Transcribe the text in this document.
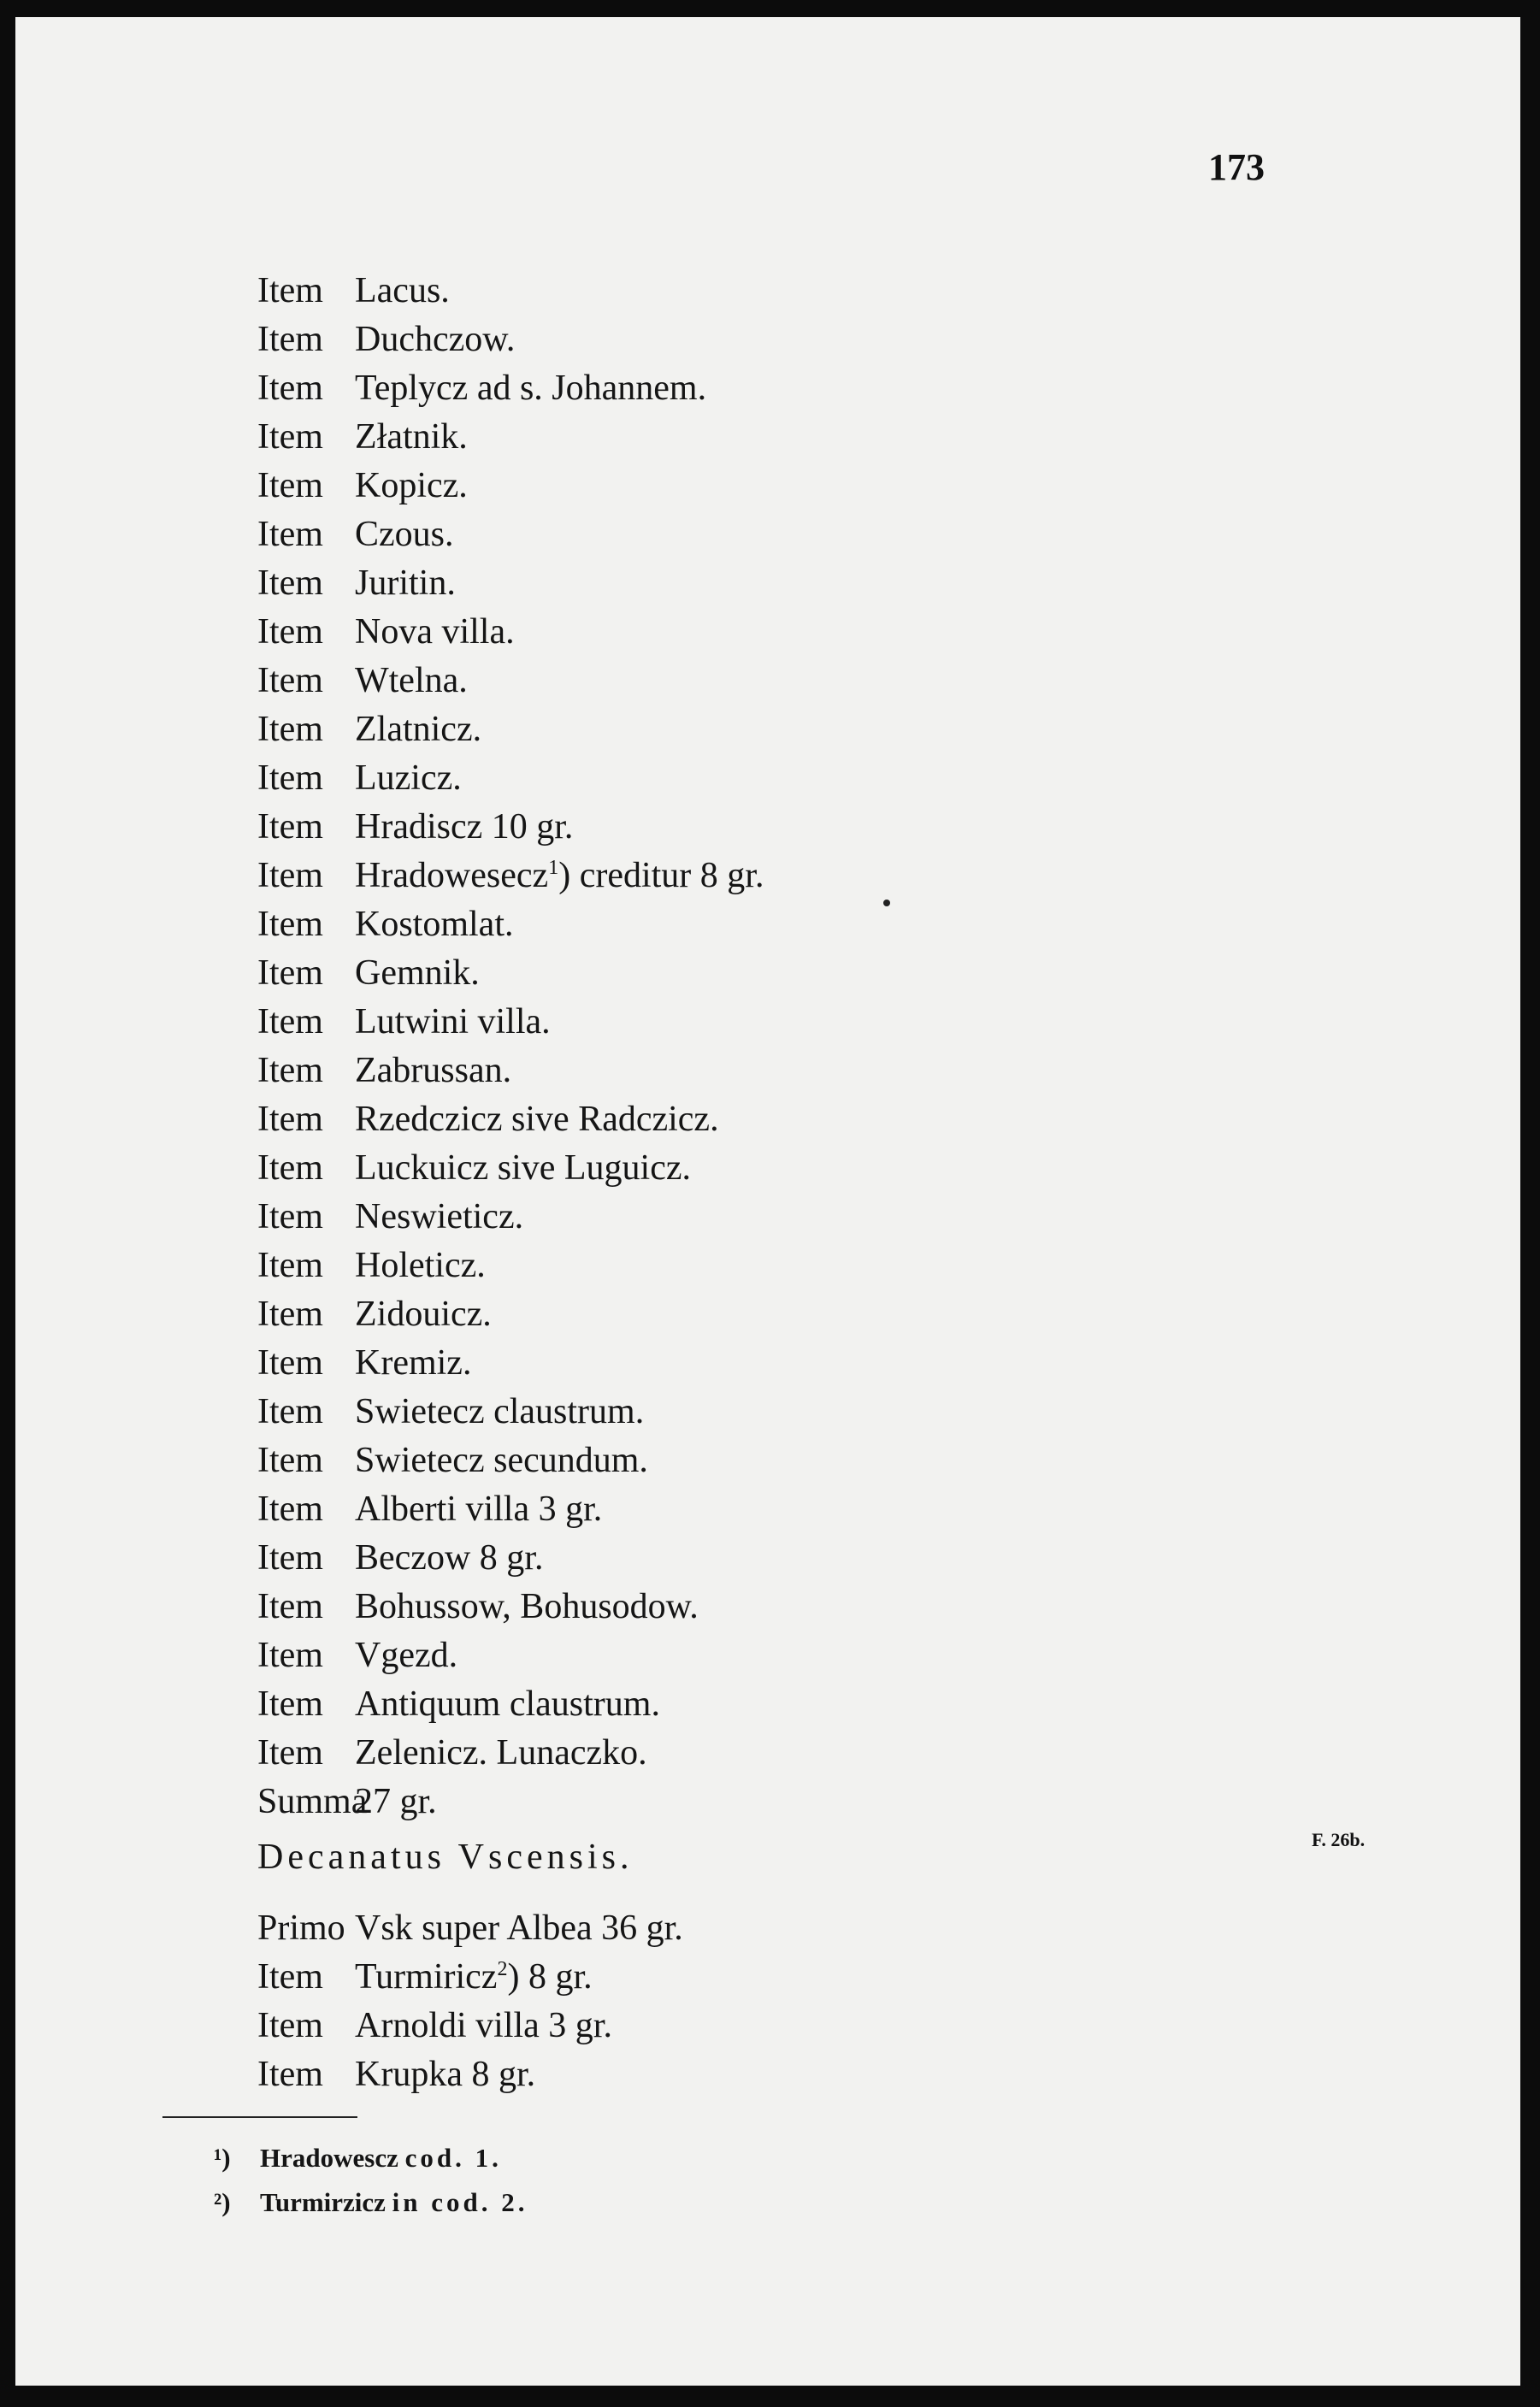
173

Item Lacus.
Item Duchczow.
Item Teplycz ad s. Johannem.
Item Złatnik.
Item Kopicz.
Item Czous.
Item Juritin.
Item Nova villa.
Item Wtelna.
Item Zlatnicz.
Item Luzicz.
Item Hradiscz 10 gr.
Item Hradowesecz$^1$) creditur 8 gr.
Item Kostomlat.
Item Gemnik.
Item Lutwini villa.
Item Zabrussan.
Item Rzedczicz sive Radczicz.
Item Luckuicz sive Luguicz.
Item Neswieticz.
Item Holeticz.
Item Zidouicz.
Item Kremiz.
Item Swietecz claustrum.
Item Swietecz secundum.
Item Alberti villa 3 gr.
Item Beczow 8 gr.
Item Bohussow, Bohusodow.
Item Vgezd.
Item Antiquum claustrum.
Item Zelenicz. Lunaczko.
Summa27 gr.
Decanatus Vscensis.	F. 26b.
Primo Vsk super Albea 36 gr.
Item Turmiricz$^2$) 8 gr.
Item Arnoldi villa 3 gr.
Item Krupka 8 gr.
¹) Hradowescz cod. 1.
²) Turmirzicz in cod. 2.
